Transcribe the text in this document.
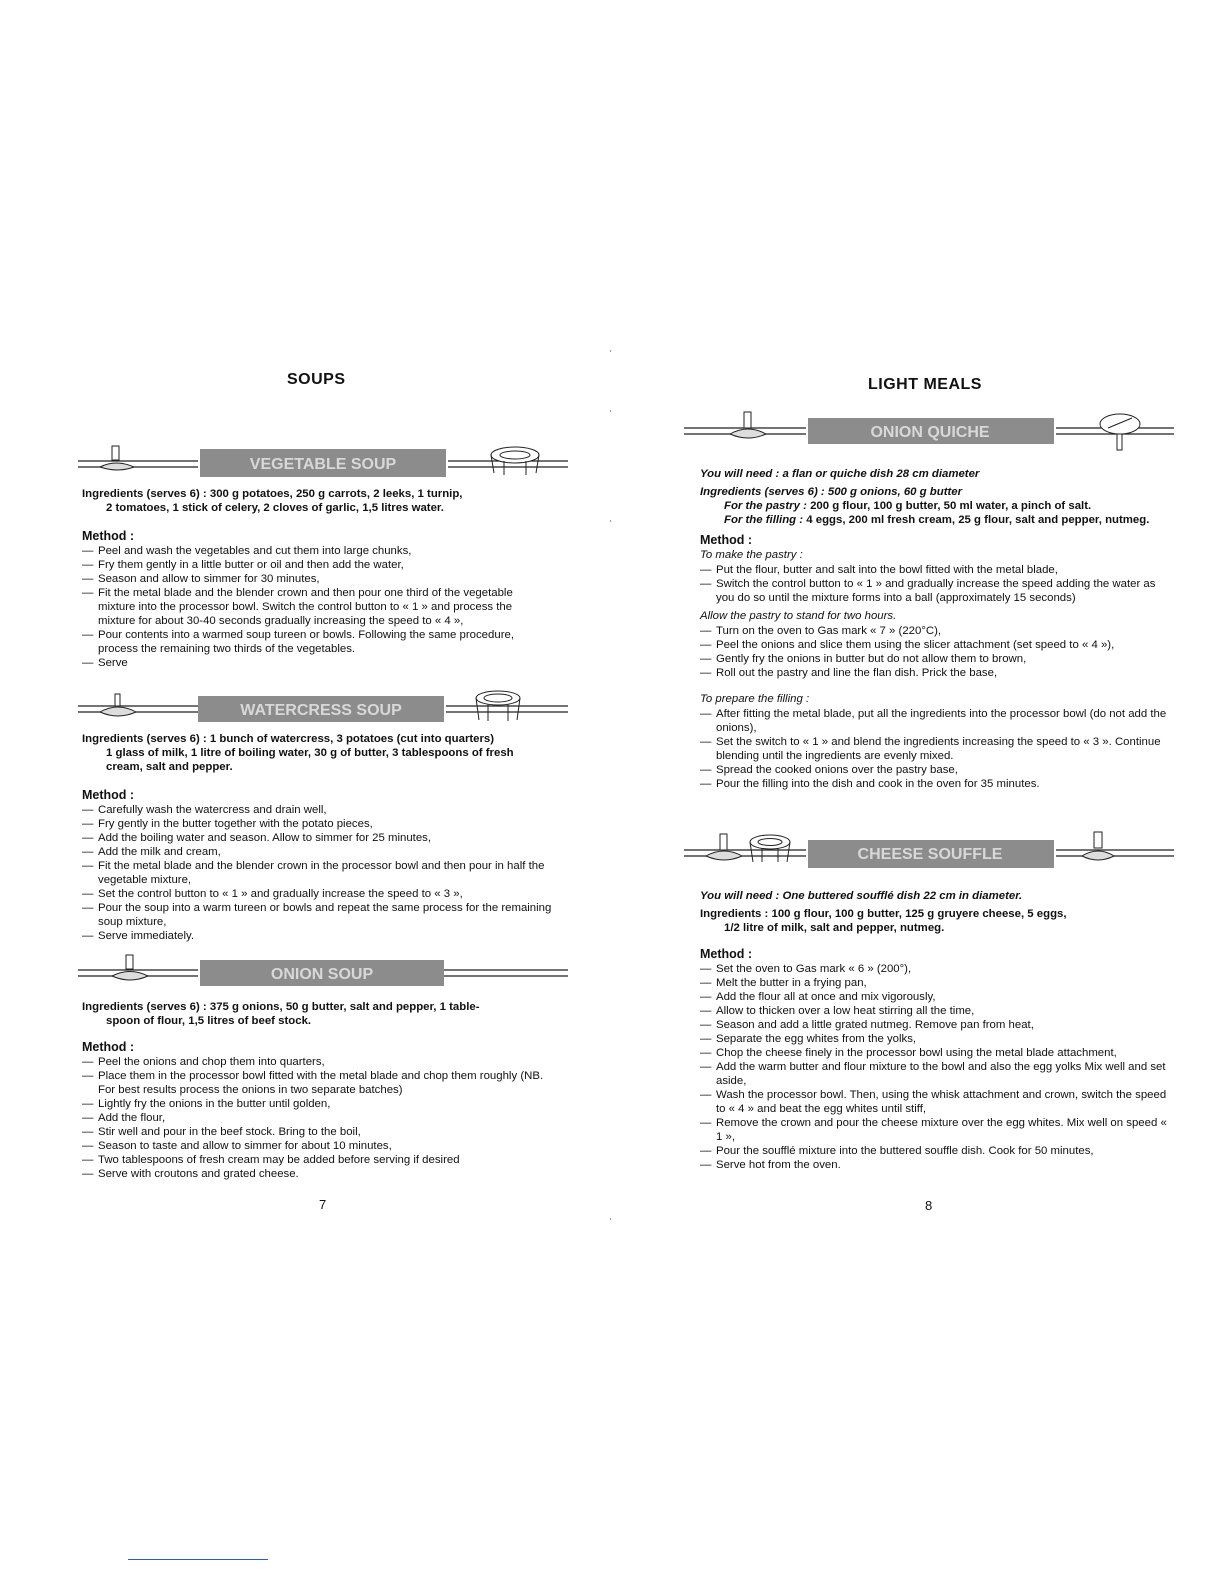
SOUPS
VEGETABLE SOUP
Ingredients (serves 6) : 300 g potatoes, 250 g carrots, 2 leeks, 1 turnip,
2 tomatoes, 1 stick of celery, 2 cloves of garlic, 1,5 litres water.
Method :
— Peel and wash the vegetables and cut them into large chunks,
— Fry them gently in a little butter or oil and then add the water,
— Season and allow to simmer for 30 minutes,
— Fit the metal blade and the blender crown and then pour one third of the vegetable mixture into the processor bowl. Switch the control button to « 1 » and process the mixture for about 30-40 seconds gradually increasing the speed to « 4 »,
— Pour contents into a warmed soup tureen or bowls. Following the same procedure, process the remaining two thirds of the vegetables.
— Serve
WATERCRESS SOUP
Ingredients (serves 6) : 1 bunch of watercress, 3 potatoes (cut into quarters)
1 glass of milk, 1 litre of boiling water, 30 g of butter, 3 tablespoons of fresh cream, salt and pepper.
Method :
— Carefully wash the watercress and drain well,
— Fry gently in the butter together with the potato pieces,
— Add the boiling water and season. Allow to simmer for 25 minutes,
— Add the milk and cream,
— Fit the metal blade and the blender crown in the processor bowl and then pour in half the vegetable mixture,
— Set the control button to « 1 » and gradually increase the speed to « 3 »,
— Pour the soup into a warm tureen or bowls and repeat the same process for the remaining soup mixture,
— Serve immediately.
ONION SOUP
Ingredients (serves 6) : 375 g onions, 50 g butter, salt and pepper, 1 table-
spoon of flour, 1,5 litres of beef stock.
Method :
— Peel the onions and chop them into quarters,
— Place them in the processor bowl fitted with the metal blade and chop them roughly (NB. For best results process the onions in two separate batches)
— Lightly fry the onions in the butter until golden,
— Add the flour,
— Stir well and pour in the beef stock. Bring to the boil,
— Season to taste and allow to simmer for about 10 minutes,
— Two tablespoons of fresh cream may be added before serving if desired
— Serve with croutons and grated cheese.
7
LIGHT MEALS
ONION QUICHE
You will need : a flan or quiche dish 28 cm diameter
Ingredients (serves 6) : 500 g onions, 60 g butter
For the pastry : 200 g flour, 100 g butter, 50 ml water, a pinch of salt.
For the filling : 4 eggs, 200 ml fresh cream, 25 g flour, salt and pepper, nutmeg.
Method :
To make the pastry :
— Put the flour, butter and salt into the bowl fitted with the metal blade,
— Switch the control button to « 1 » and gradually increase the speed adding the water as you do so until the mixture forms into a ball (approximately 15 seconds)
Allow the pastry to stand for two hours.
— Turn on the oven to Gas mark « 7 » (220°C),
— Peel the onions and slice them using the slicer attachment (set speed to « 4 »),
— Gently fry the onions in butter but do not allow them to brown,
— Roll out the pastry and line the flan dish. Prick the base,
To prepare the filling :
— After fitting the metal blade, put all the ingredients into the processor bowl (do not add the onions),
— Set the switch to « 1 » and blend the ingredients increasing the speed to « 3 ». Continue blending until the ingredients are evenly mixed.
— Spread the cooked onions over the pastry base,
— Pour the filling into the dish and cook in the oven for 35 minutes.
CHEESE SOUFFLE
You will need : One buttered soufflé dish 22 cm in diameter.
Ingredients : 100 g flour, 100 g butter, 125 g gruyere cheese, 5 eggs,
1/2 litre of milk, salt and pepper, nutmeg.
Method :
— Set the oven to Gas mark « 6 » (200°),
— Melt the butter in a frying pan,
— Add the flour all at once and mix vigorously,
— Allow to thicken over a low heat stirring all the time,
— Season and add a little grated nutmeg. Remove pan from heat,
— Separate the egg whites from the yolks,
— Chop the cheese finely in the processor bowl using the metal blade attachment,
— Add the warm butter and flour mixture to the bowl and also the egg yolks Mix well and set aside,
— Wash the processor bowl. Then, using the whisk attachment and crown, switch the speed to « 4 » and beat the egg whites until stiff,
— Remove the crown and pour the cheese mixture over the egg whites. Mix well on speed « 1 »,
— Pour the soufflé mixture into the buttered souffle dish. Cook for 50 minutes,
— Serve hot from the oven.
8
